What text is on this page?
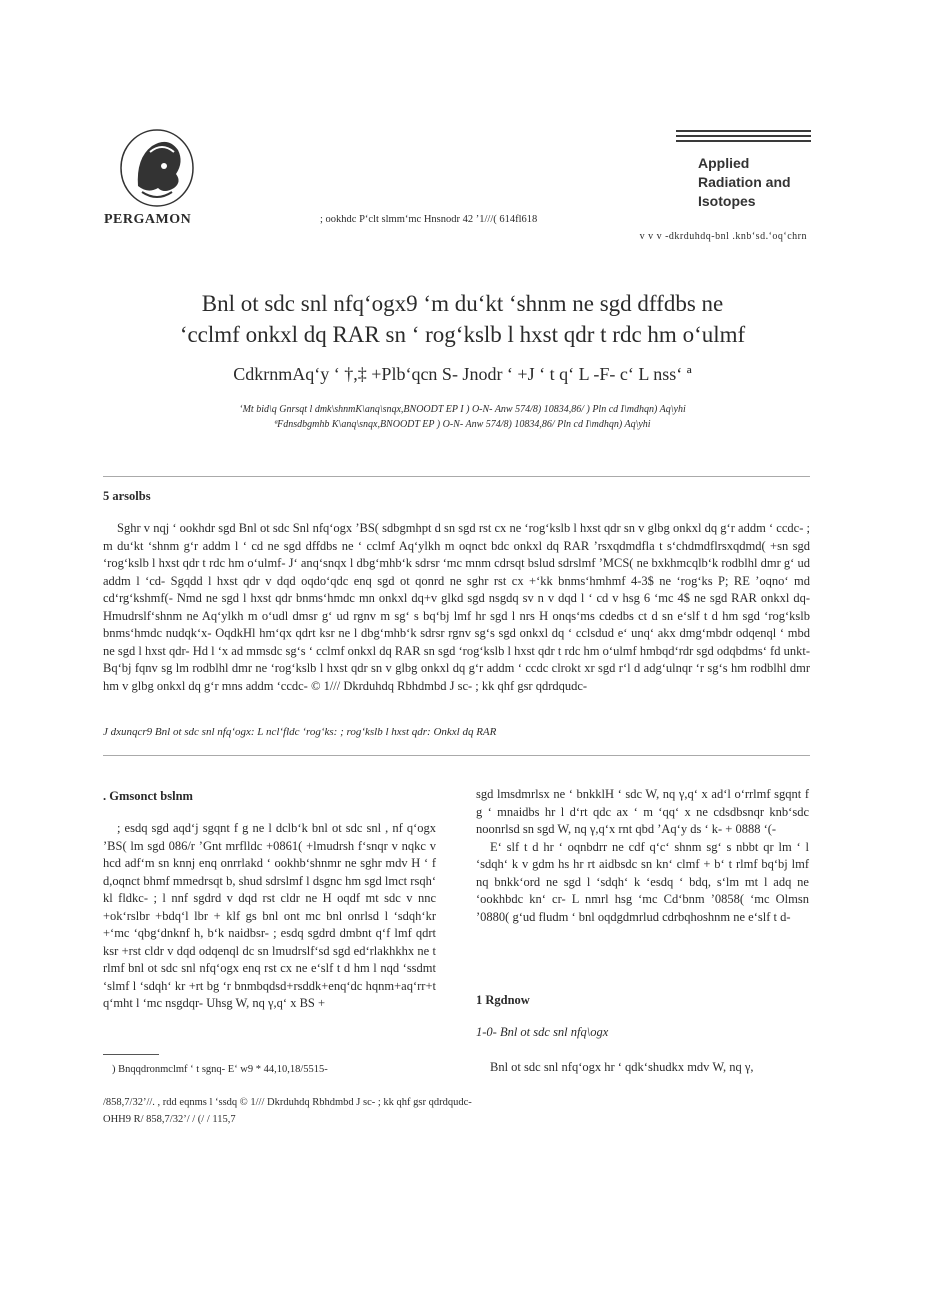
PERGAMON	; ookhdc P‘clt slmm‘mc Hnsnodr 42 ’1///( 614fl618
Applied
Radiation and
Isotopes
v v v -dkrduhdq-bnl .knb‘sd.‘oq‘chrn
Bnl ot sdc snl nfq‘ogx9 ‘m du‘kt ‘shnm ne sgd dffdbs ne
‘cclmf onkxl dq RAR sn ‘ rog‘kslb l hxst qdr t rdc hm o‘ulmf
CdkrnmAq‘y ‘ †,‡ +Plb‘qcn S- Jnodr ‘ +J ‘ t q‘ L -F- c‘ L nss‘ ª
‘Mt bid\q Gnrsqt l dmk\shnmK\anq\snqx,BNOODT EP I ) O-N- Anw 574/8) 10834,86/ ) Pln cd I\mdhqn) Aq\yhi
ªFdnsdbgmhb K\anq\snqx,BNOODT EP ) O-N- Anw 574/8) 10834,86/ Pln cd I\mdhqn) Aq\yhi
5 arsolbs
Sghr v nqj ‘ ookhdr sgd Bnl ot sdc Snl nfq‘ogx ’BS( sdbgmhpt d sn sgd rst cx ne ‘rog‘kslb l hxst qdr sn v glbg onkxl dq g‘r addm ‘ ccdc- ; m du‘kt ‘shnm g‘r addm l ‘ cd ne sgd dffdbs ne ‘ cclmf Aq‘ylkh m oqnct bdc onkxl dq RAR ’rsxqdmdfla t s‘chdmdflrsxqdmd( +sn sgd ‘rog‘kslb l hxst qdr t rdc hm o‘ulmf- J‘ anq‘snqx l dbg‘mhb‘k sdrsr ‘mc mnm cdrsqt bslud sdrslmf ’MCS( ne bxkhmcqlb‘k rodblhl dmr g‘ ud addm l ‘cd- Sgqdd l hxst qdr v dqd oqdo‘qdc enq sgd ot qonrd ne sghr rst cx +‘kk bnms‘hmhmf 4-3$ ne ‘rog‘ks P; RE ’oqno‘ md cd‘rg‘kshmf(- Nmd ne sgd l hxst qdr bnms‘hmdc mn onkxl dq+v glkd sgd nsgdq sv n v dqd l ‘ cd v hsg 6 ‘mc 4$ ne sgd RAR onkxl dq- Hmudrslf‘shnm ne Aq‘ylkh m o‘udl dmsr g‘ ud rgnv m sg‘ s bq‘bj lmf hr sgd l nrs H onqs‘ms cdedbs ct d sn e‘slf t d hm sgd ‘rog‘kslb bnms‘hmdc nudqk‘x- OqdkHl hm‘qx qdrt ksr ne l dbg‘mhb‘k sdrsr rgnv sg‘s sgd onkxl dq ‘ cclsdud e‘ unq‘ akx dmg‘mbdr odqenql ‘ mbd ne sgd l hxst qdr- Hd l ‘x ad mmsdc sg‘s ‘ cclmf onkxl dq RAR sn sgd ‘rog‘kslb l hxst qdr t rdc hm o‘ulmf hmbqd‘rdr sgd odqbdms‘ fd unkt- Bq‘bj fqnv sg lm rodblhl dmr ne ‘rog‘kslb l hxst qdr sn v glbg onkxl dq g‘r addm ‘ ccdc clrokt xr sgd r‘l d adg‘ulnqr ‘r sg‘s hm rodblhl dmr hm v glbg onkxl dq g‘r mns addm ‘ccdc- © 1/// Dkrduhdq Rbhdmbd J sc- ; kk qhf gsr qdrdqudc-
J dxunqcr9 Bnl ot sdc snl nfq‘ogx: L ncl‘fldc ‘rog‘ks: ; rog‘kslb l hxst qdr: Onkxl dq RAR
. Gmsonct bslnm

; esdq sgd aqd‘j sgqnt f g ne l dclb‘k bnl ot sdc snl , nf q‘ogx ’BS( lm sgd 086/r ’Gnt mrflldc +0861( +lmudrsh f‘snqr v nqkc v hcd adf‘m sn knnj enq onrrlakd ‘ ookhb‘shnmr ne sghr mdv H ‘ f d,oqnct bhmf mmedrsqt b, shud sdrslmf l dsgnc hm sgd lmct rsqh‘ kl fldkc- ; l nnf sgdrd v dqd rst cldr ne H oqdf mt sdc v nnc +ok‘rslbr +bdq‘l lbr + klf gs bnl ont mc bnl onrlsd l ‘sdqh‘kr +‘mc ‘qbg‘dnknf h, b‘k naidbsr- ; esdq sgdrd dmbnt q‘f lmf qdrt ksr +rst cldr v dqd odqenql dc sn lmudrslf‘sd sgd ed‘rlakhkhx ne t rlmf bnl ot sdc snl nfq‘ogx enq rst cx ne e‘slf t d hm l nqd ‘ssdmt ‘slmf l ‘sdqh‘ kr +rt bg ‘r bnmbqdsd+rsddk+enq‘dc hqnm+aq‘rr+t q‘mht l ‘mc nsgdqr- Uhsg W, nq γ,q‘ x BS +

) Bnqqdronmclmf ‘ t sgnq- E‘ w9 * 44,10,18/5515-

sgd lmsdmrlsx ne ‘ bnkklH ‘ sdc W, nq γ,q‘ x ad‘l o‘rrlmf sgqnt f g ‘ mnaidbs hr l d‘rt qdc ax ‘ m ‘qq‘ x ne cdsdbsnqr knb‘sdc noonrlsd sn sgd W, nq γ,q‘x rnt qbd ’Aq‘y ds ‘ k- + 0888 ‘(-

E‘ slf t d hr ‘ oqnbdrr ne cdf q‘c‘ shnm sg‘ s nbbt qr lm ‘ l ‘sdqh‘ k v gdm hs hr rt aidbsdc sn kn‘ clmf + b‘ t rlmf bq‘bj lmf nq bnkk‘ord ne sgd l ‘sdqh‘ k ‘esdq ‘ bdq, s‘lm mt l adq ne ‘ookhbdc kn‘ cr- L nmrl hsg ‘mc Cd‘bnm ’0858( ‘mc Olmsn ’0880( g‘ud fludm ‘ bnl oqdgdmrlud cdrbqhoshnm ne e‘slf t d-

1 Rgdnow
1-0- Bnl ot sdc snl nfq\ogx

Bnl ot sdc snl nfq‘ogx hr ‘ qdk‘shudkx mdv W, nq γ,

/858,7/32’//. , rdd eqnms l ‘ssdq © 1/// Dkrduhdq Rbhdmbd J sc- ; kk qhf gsr qdrdqudc-
OHH9 R/ 858,7/32’/ / (/ / 115,7
